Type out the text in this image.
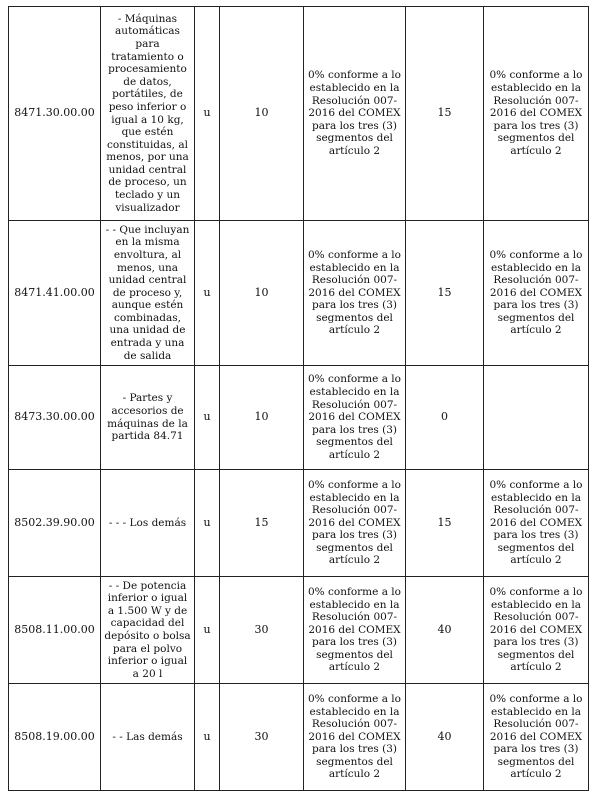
8471.30.00.00	- Máquinas automáticas para tratamiento o procesamiento de datos, portátiles, de peso inferior o igual a 10 kg, que estén constituidas, al menos, por una unidad central de proceso, un teclado y un visualizador	u	10	0% conforme a lo establecido en la Resolución 007-2016 del COMEX para los tres (3) segmentos del artículo 2	15	0% conforme a lo establecido en la Resolución 007-2016 del COMEX para los tres (3) segmentos del artículo 2
8471.41.00.00	- - Que incluyan en la misma envoltura, al menos, una unidad central de proceso y, aunque estén combinadas, una unidad de entrada y una de salida	u	10	0% conforme a lo establecido en la Resolución 007-2016 del COMEX para los tres (3) segmentos del artículo 2	15	0% conforme a lo establecido en la Resolución 007-2016 del COMEX para los tres (3) segmentos del artículo 2
8473.30.00.00	- Partes y accesorios de máquinas de la partida 84.71	u	10	0% conforme a lo establecido en la Resolución 007-2016 del COMEX para los tres (3) segmentos del artículo 2	0	
8502.39.90.00	- - - Los demás	u	15	0% conforme a lo establecido en la Resolución 007-2016 del COMEX para los tres (3) segmentos del artículo 2	15	0% conforme a lo establecido en la Resolución 007-2016 del COMEX para los tres (3) segmentos del artículo 2
8508.11.00.00	- - De potencia inferior o igual a 1.500 W y de capacidad del depósito o bolsa para el polvo inferior o igual a 20 l	u	30	0% conforme a lo establecido en la Resolución 007-2016 del COMEX para los tres (3) segmentos del artículo 2	40	0% conforme a lo establecido en la Resolución 007-2016 del COMEX para los tres (3) segmentos del artículo 2
8508.19.00.00	- - Las demás	u	30	0% conforme a lo establecido en la Resolución 007-2016 del COMEX para los tres (3) segmentos del artículo 2	40	0% conforme a lo establecido en la Resolución 007-2016 del COMEX para los tres (3) segmentos del artículo 2
